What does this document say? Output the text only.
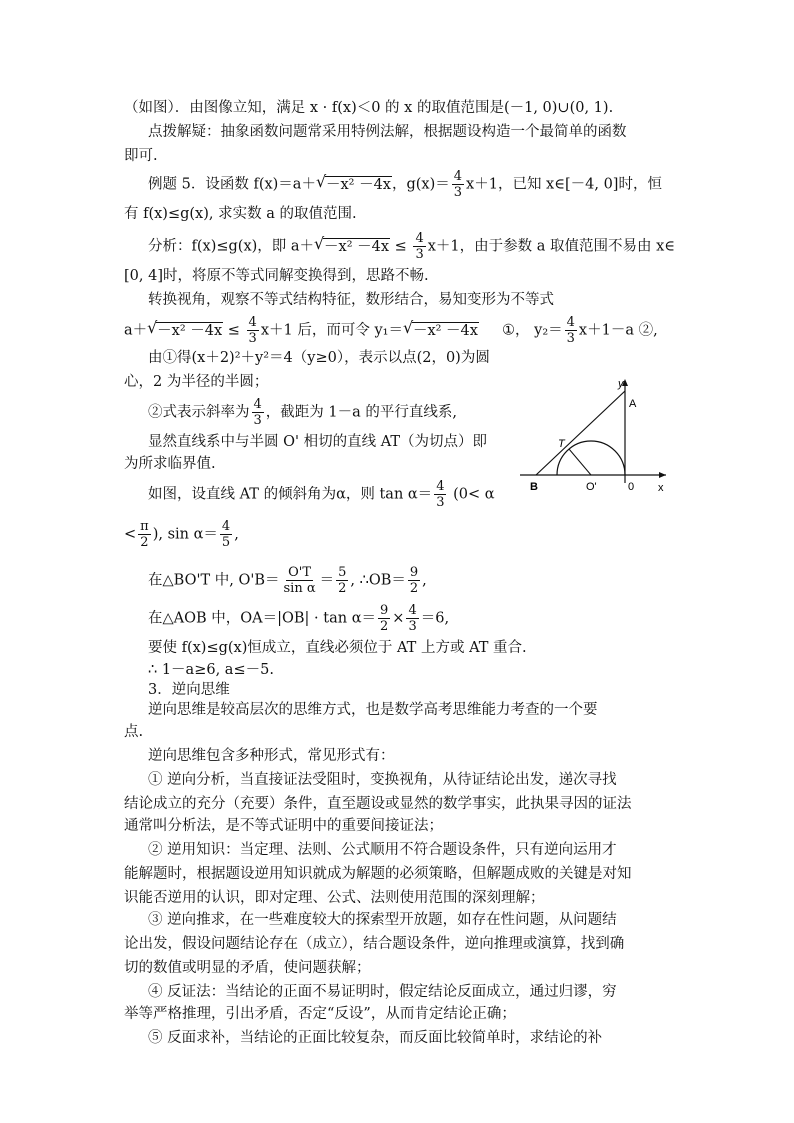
（如图）．由图像立知，满足 x · f(x)＜0 的 x 的取值范围是(－1, 0)∪(0, 1).
点拨解疑：抽象函数问题常采用特例法解，根据题设构造一个最简单的函数
即可.
例题 5．设函数 f(x)＝a＋ √ －x² －4x，$g(x)= \frac{4}{3} x+1$，已知 x∈[－4, 0]时，恒
有 f(x)≤g(x), 求实数 a 的取值范围.
分析：f(x)≤g(x)，即 a＋ √ $-x^2 -4x \le \frac{4}{3} x+1$，由于参数 a 取值范围不易由 x∈
[0, 4]时，将原不等式同解变换得到，思路不畅.
转换视角，观察不等式结构特征，数形结合，易知变形为不等式
a＋ √ $-x^2 -4x \le \frac{4}{3} x+1$ 后，而可令 y₁＝ √ －x² －4x ①， $y_2= \frac{4}{3} x+1-a$ ②,
由①得(x＋2)²＋y²＝4（y≥0），表示以点(2，0)为圆
心，2 为半径的半圆；
②式表示斜率为 $\frac{4}{3}$ ，截距为 1－a 的平行直线系,
显然直线系中与半圆 O' 相切的直线 AT（为切点）即
为所求临界值.
如图，设直线 AT 的倾斜角为α，则 $\tan \alpha= \frac{4}{3} (0< \alpha$
< $\frac{\pi}{2}$ ), $\sin \alpha= \frac{4}{5}$ ,
在△BO'T 中, $O'B= \frac{O'T}{\text{sin α}} = \frac{5}{2}$ , ∴OB＝ $\frac{9}{2}$ ,
在△AOB 中，$OA=|OB| \cdot \tan \alpha= \frac{9}{2} \times \frac{4}{3} =6$,
要使 f(x)≤g(x)恒成立，直线必须位于 AT 上方或 AT 重合.
∴ 1－a≥6, a≤－5.
3．逆向思维
逆向思维是较高层次的思维方式，也是数学高考思维能力考查的一个要
点.
逆向思维包含多种形式，常见形式有：
① 逆向分析，当直接证法受阻时，变换视角，从待证结论出发，递次寻找
结论成立的充分（充要）条件，直至题设或显然的数学事实，此执果寻因的证法
通常叫分析法，是不等式证明中的重要间接证法；
② 逆用知识：当定理、法则、公式顺用不符合题设条件，只有逆向运用才
能解题时，根据题设逆用知识就成为解题的必须策略，但解题成败的关键是对知
识能否逆用的认识，即对定理、公式、法则使用范围的深刻理解；
③ 逆向推求，在一些难度较大的探索型开放题，如存在性问题，从问题结
论出发，假设问题结论存在（成立），结合题设条件，逆向推理或演算，找到确
切的数值或明显的矛盾，使问题获解；
④ 反证法：当结论的正面不易证明时，假定结论反面成立，通过归谬，穷
举等严格推理，引出矛盾，否定“反设”，从而肯定结论正确；
⑤ 反面求补，当结论的正面比较复杂，而反面比较简单时，求结论的补
y
A
T
B	O'	0 x
